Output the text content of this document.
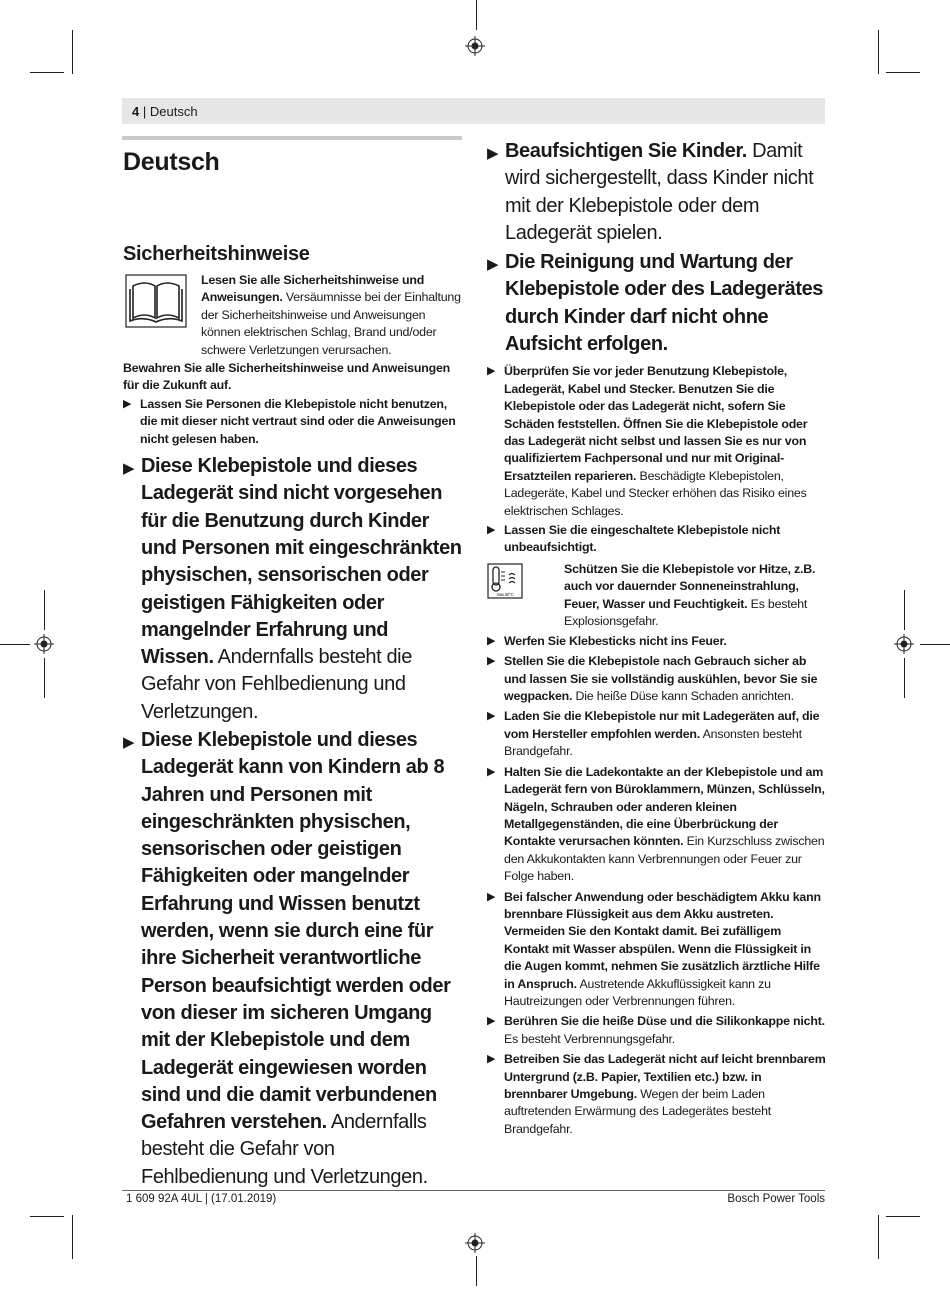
4 | Deutsch
Deutsch
Sicherheitshinweise
Lesen Sie alle Sicherheitshinweise und Anweisungen. Versäumnisse bei der Einhaltung der Sicherheitshinweise und Anweisungen können elektrischen Schlag, Brand und/oder schwere Verletzungen verursachen.
Bewahren Sie alle Sicherheitshinweise und Anweisungen für die Zukunft auf.
▶ Lassen Sie Personen die Klebepistole nicht benutzen, die mit dieser nicht vertraut sind oder die Anweisungen nicht gelesen haben.
▶ Diese Klebepistole und dieses Ladegerät sind nicht vorgesehen für die Benutzung durch Kinder und Personen mit eingeschränkten physischen, sensorischen oder geistigen Fähigkeiten oder mangelnder Erfahrung und Wissen. Andernfalls besteht die Gefahr von Fehlbedienung und Verletzungen.
▶ Diese Klebepistole und dieses Ladegerät kann von Kindern ab 8 Jahren und Personen mit eingeschränkten physischen, sensorischen oder geistigen Fähigkeiten oder mangelnder Erfahrung und Wissen benutzt werden, wenn sie durch eine für ihre Sicherheit verantwortliche Person beaufsichtigt werden oder von dieser im sicheren Umgang mit der Klebepistole und dem Ladegerät eingewiesen worden sind und die damit verbundenen Gefahren verstehen. Andernfalls besteht die Gefahr von Fehlbedienung und Verletzungen.
▶ Beaufsichtigen Sie Kinder. Damit wird sichergestellt, dass Kinder nicht mit der Klebepistole oder dem Ladegerät spielen.
▶ Die Reinigung und Wartung der Klebepistole oder des Ladegerätes durch Kinder darf nicht ohne Aufsicht erfolgen.
▶ Überprüfen Sie vor jeder Benutzung Klebepistole, Ladegerät, Kabel und Stecker. Benutzen Sie die Klebepistole oder das Ladegerät nicht, sofern Sie Schäden feststellen. Öffnen Sie die Klebepistole oder das Ladegerät nicht selbst und lassen Sie es nur von qualifiziertem Fachpersonal und nur mit Original-Ersatzteilen reparieren. Beschädigte Klebepistolen, Ladegeräte, Kabel und Stecker erhöhen das Risiko eines elektrischen Schlages.
▶ Lassen Sie die eingeschaltete Klebepistole nicht unbeaufsichtigt.
max.50°C
Schützen Sie die Klebepistole vor Hitze, z.B. auch vor dauernder Sonneneinstrahlung, Feuer, Wasser und Feuchtigkeit. Es besteht Explosionsgefahr.
▶ Werfen Sie Klebesticks nicht ins Feuer.
▶ Stellen Sie die Klebepistole nach Gebrauch sicher ab und lassen Sie sie vollständig auskühlen, bevor Sie sie wegpacken. Die heiße Düse kann Schaden anrichten.
▶ Laden Sie die Klebepistole nur mit Ladegeräten auf, die vom Hersteller empfohlen werden. Ansonsten besteht Brandgefahr.
▶ Halten Sie die Ladekontakte an der Klebepistole und am Ladegerät fern von Büroklammern, Münzen, Schlüsseln, Nägeln, Schrauben oder anderen kleinen Metallgegenständen, die eine Überbrückung der Kontakte verursachen könnten. Ein Kurzschluss zwischen den Akkukontakten kann Verbrennungen oder Feuer zur Folge haben.
▶ Bei falscher Anwendung oder beschädigtem Akku kann brennbare Flüssigkeit aus dem Akku austreten. Vermeiden Sie den Kontakt damit. Bei zufälligem Kontakt mit Wasser abspülen. Wenn die Flüssigkeit in die Augen kommt, nehmen Sie zusätzlich ärztliche Hilfe in Anspruch. Austretende Akkuflüssigkeit kann zu Hautreizungen oder Verbrennungen führen.
▶ Berühren Sie die heiße Düse und die Silikonkappe nicht. Es besteht Verbrennungsgefahr.
▶ Betreiben Sie das Ladegerät nicht auf leicht brennbarem Untergrund (z.B. Papier, Textilien etc.) bzw. in brennbarer Umgebung. Wegen der beim Laden auftretenden Erwärmung des Ladegerätes besteht Brandgefahr.
1 609 92A 4UL | (17.01.2019)	Bosch Power Tools
